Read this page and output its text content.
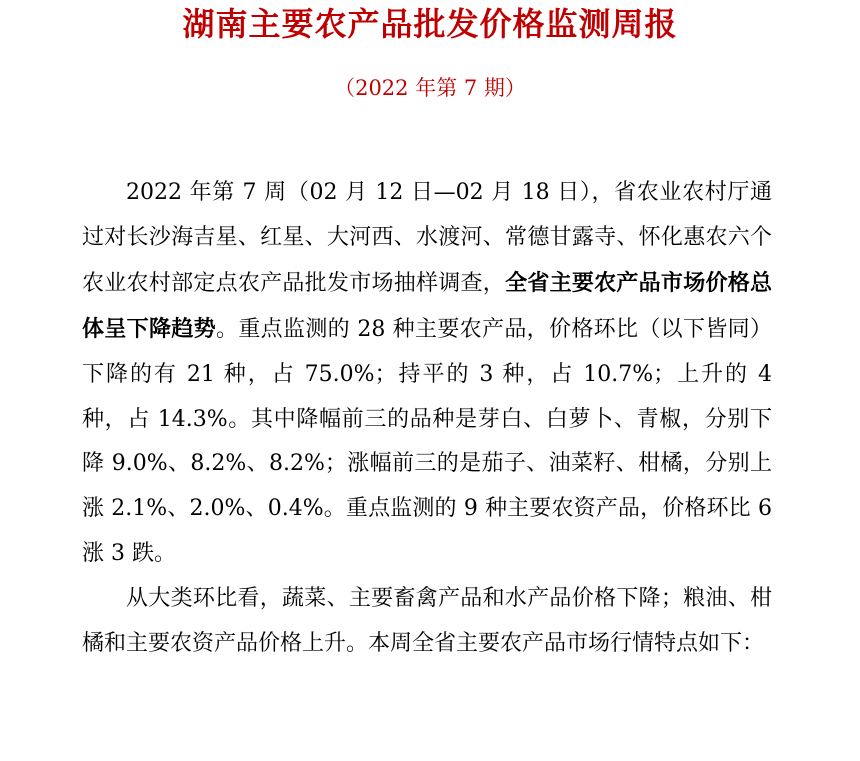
湖南主要农产品批发价格监测周报
（2022 年第 7 期）

2022 年第 7 周（02 月 12 日—02 月 18 日），省农业农村厅通过对长沙海吉星、红星、大河西、水渡河、常德甘露寺、怀化惠农六个农业农村部定点农产品批发市场抽样调查，全省主要农产品市场价格总体呈下降趋势。重点监测的 28 种主要农产品，价格环比（以下皆同）下降的有 21 种，占 75.0%；持平的 3 种，占 10.7%；上升的 4 种，占 14.3%。其中降幅前三的品种是芽白、白萝卜、青椒，分别下降 9.0%、8.2%、8.2%；涨幅前三的是茄子、油菜籽、柑橘，分别上涨 2.1%、2.0%、0.4%。重点监测的 9 种主要农资产品，价格环比 6 涨 3 跌。

从大类环比看，蔬菜、主要畜禽产品和水产品价格下降；粮油、柑橘和主要农资产品价格上升。本周全省主要农产品市场行情特点如下：
